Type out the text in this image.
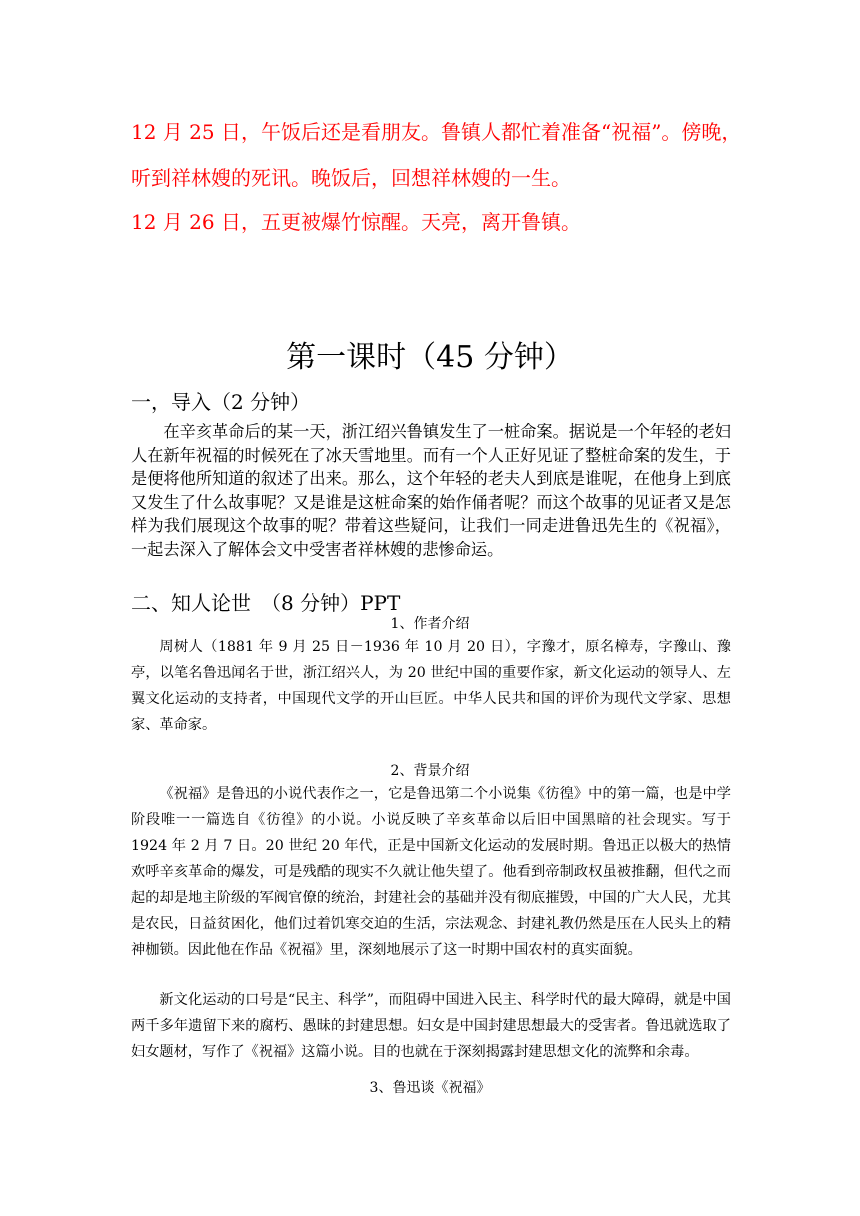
12 月 25 日，午饭后还是看朋友。鲁镇人都忙着准备“祝福”。傍晚，
听到祥林嫂的死讯。晚饭后，回想祥林嫂的一生。
12 月 26 日，五更被爆竹惊醒。天亮，离开鲁镇。
第一课时（45 分钟）
一，导入（2 分钟）
在辛亥革命后的某一天，浙江绍兴鲁镇发生了一桩命案。据说是一个年轻的老妇人在新年祝福的时候死在了冰天雪地里。而有一个人正好见证了整桩命案的发生，于是便将他所知道的叙述了出来。那么，这个年轻的老夫人到底是谁呢，在他身上到底又发生了什么故事呢？又是谁是这桩命案的始作俑者呢？而这个故事的见证者又是怎样为我们展现这个故事的呢？带着这些疑问，让我们一同走进鲁迅先生的《祝福》，一起去深入了解体会文中受害者祥林嫂的悲惨命运。
二、知人论世　（8 分钟）PPT
1、作者介绍
周树人（1881 年 9 月 25 日－1936 年 10 月 20 日），字豫才，原名樟寿，字豫山、豫亭，以笔名鲁迅闻名于世，浙江绍兴人，为 20 世纪中国的重要作家，新文化运动的领导人、左翼文化运动的支持者，中国现代文学的开山巨匠。中华人民共和国的评价为现代文学家、思想家、革命家。
2、背景介绍
《祝福》是鲁迅的小说代表作之一，它是鲁迅第二个小说集《彷徨》中的第一篇，也是中学阶段唯一一篇选自《彷徨》的小说。小说反映了辛亥革命以后旧中国黑暗的社会现实。写于 1924 年 2 月 7 日。20 世纪 20 年代，正是中国新文化运动的发展时期。鲁迅正以极大的热情欢呼辛亥革命的爆发，可是残酷的现实不久就让他失望了。他看到帝制政权虽被推翻，但代之而起的却是地主阶级的军阀官僚的统治，封建社会的基础并没有彻底摧毁，中国的广大人民，尤其是农民，日益贫困化，他们过着饥寒交迫的生活，宗法观念、封建礼教仍然是压在人民头上的精神枷锁。因此他在作品《祝福》里，深刻地展示了这一时期中国农村的真实面貌。
新文化运动的口号是“民主、科学”，而阻碍中国进入民主、科学时代的最大障碍，就是中国两千多年遗留下来的腐朽、愚昧的封建思想。妇女是中国封建思想最大的受害者。鲁迅就选取了妇女题材，写作了《祝福》这篇小说。目的也就在于深刻揭露封建思想文化的流弊和余毒。
3、鲁迅谈《祝福》
